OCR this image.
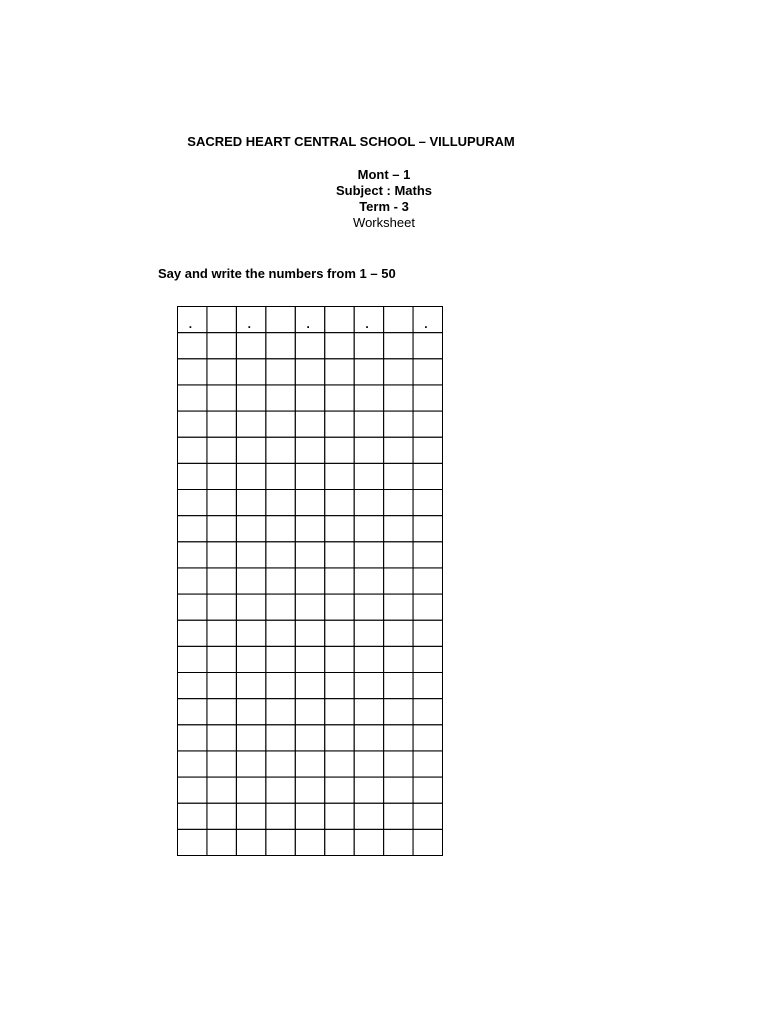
SACRED HEART CENTRAL SCHOOL – VILLUPURAM
Mont – 1
Subject : Maths
Term - 3
Worksheet
Say and write the numbers from 1 – 50
.	.	.	.	.
